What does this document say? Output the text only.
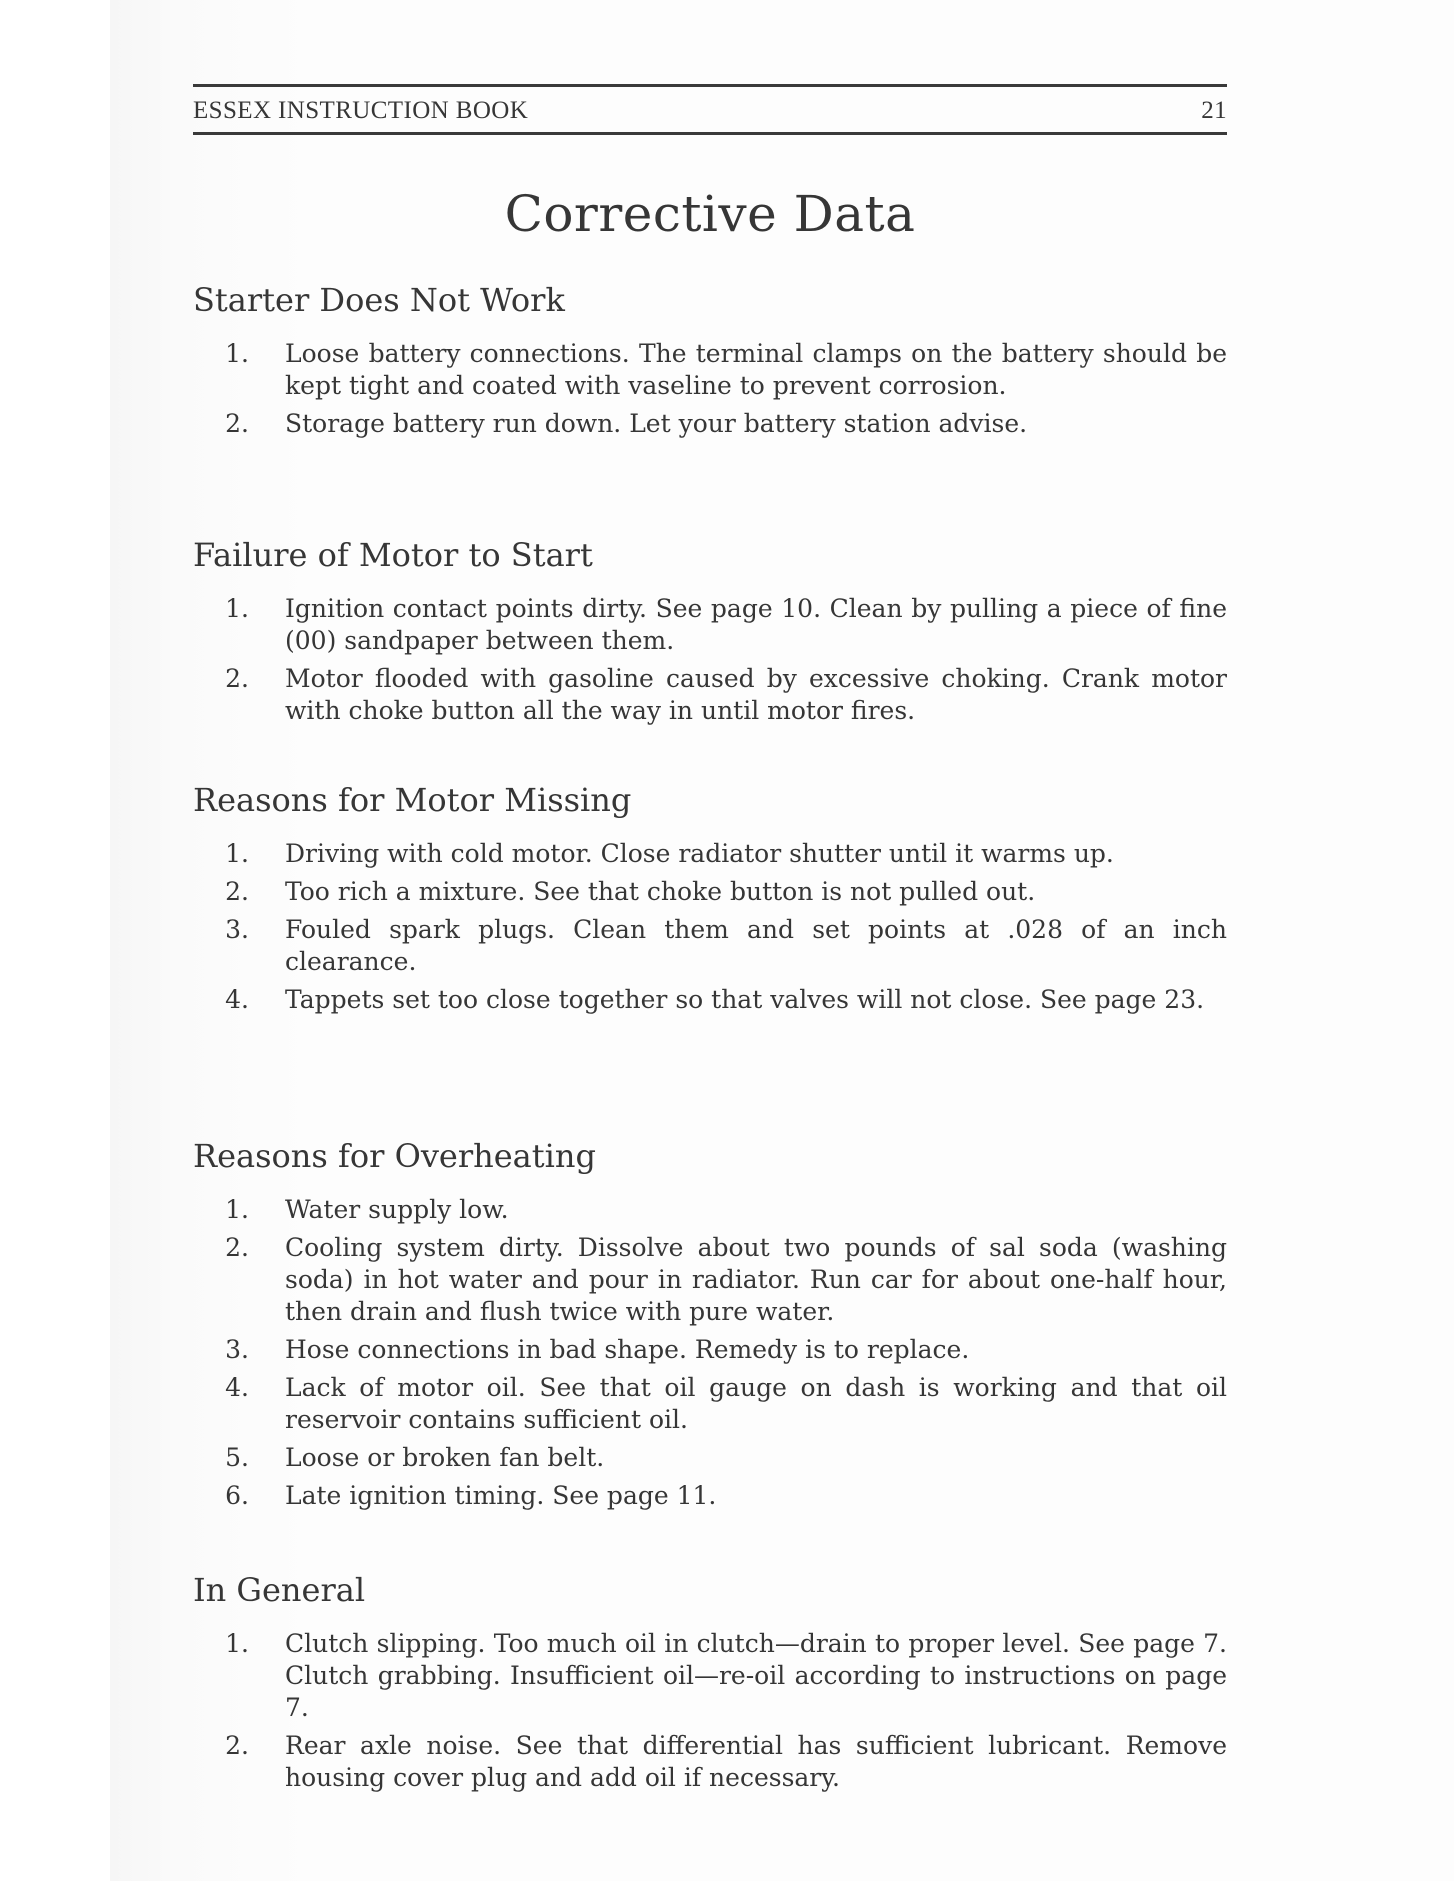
ESSEX INSTRUCTION BOOK	21
Corrective Data
Starter Does Not Work
1. Loose battery connections. The terminal clamps on the battery should be kept tight and coated with vaseline to prevent corrosion.
2. Storage battery run down. Let your battery station advise.
Failure of Motor to Start
1. Ignition contact points dirty. See page 10. Clean by pulling a piece of fine (00) sandpaper between them.
2. Motor flooded with gasoline caused by excessive choking. Crank motor with choke button all the way in until motor fires.
Reasons for Motor Missing
1. Driving with cold motor. Close radiator shutter until it warms up.
2. Too rich a mixture. See that choke button is not pulled out.
3. Fouled spark plugs. Clean them and set points at .028 of an inch clearance.
4. Tappets set too close together so that valves will not close. See page 23.
Reasons for Overheating
1. Water supply low.
2. Cooling system dirty. Dissolve about two pounds of sal soda (washing soda) in hot water and pour in radiator. Run car for about one-half hour, then drain and flush twice with pure water.
3. Hose connections in bad shape. Remedy is to replace.
4. Lack of motor oil. See that oil gauge on dash is working and that oil reservoir contains sufficient oil.
5. Loose or broken fan belt.
6. Late ignition timing. See page 11.
In General
1. Clutch slipping. Too much oil in clutch—drain to proper level. See page 7. Clutch grabbing. Insufficient oil—re-oil according to instructions on page 7.
2. Rear axle noise. See that differential has sufficient lubricant. Remove housing cover plug and add oil if necessary.
